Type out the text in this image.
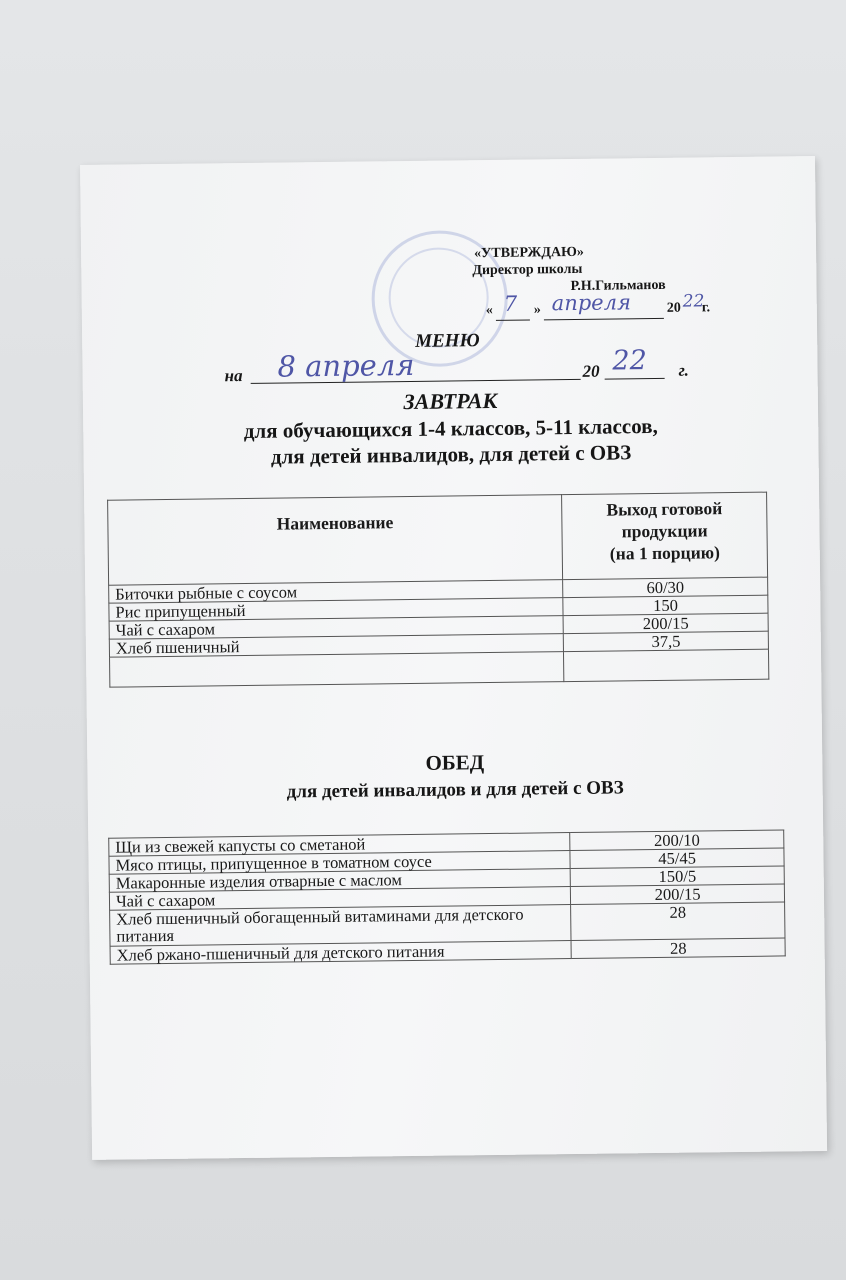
«УТВЕРЖДАЮ»
Директор школы
Р.Н.Гильманов
« 7 » апреля	20 22
г.
МЕНЮ
на 8 апреля	20 22 г.
ЗАВТРАК
для обучающихся 1-4 классов, 5-11 классов,
для детей инвалидов, для детей с ОВЗ
Наименование	Выход готовой
продукции
(на 1 порцию)

Биточки рыбные с соусом	60/30
Рис припущенный	150
Чай с сахаром	200/15
Хлеб пшеничный	37,5

ОБЕД
для детей инвалидов и для детей с ОВЗ
Щи из свежей капусты со сметаной	200/10
Мясо птицы, припущенное в томатном соусе	45/45
Макаронные изделия отварные с маслом	150/5
Чай с сахаром	200/15
Хлеб пшеничный обогащенный витаминами для детского питания	28
Хлеб ржано-пшеничный для детского питания	28
